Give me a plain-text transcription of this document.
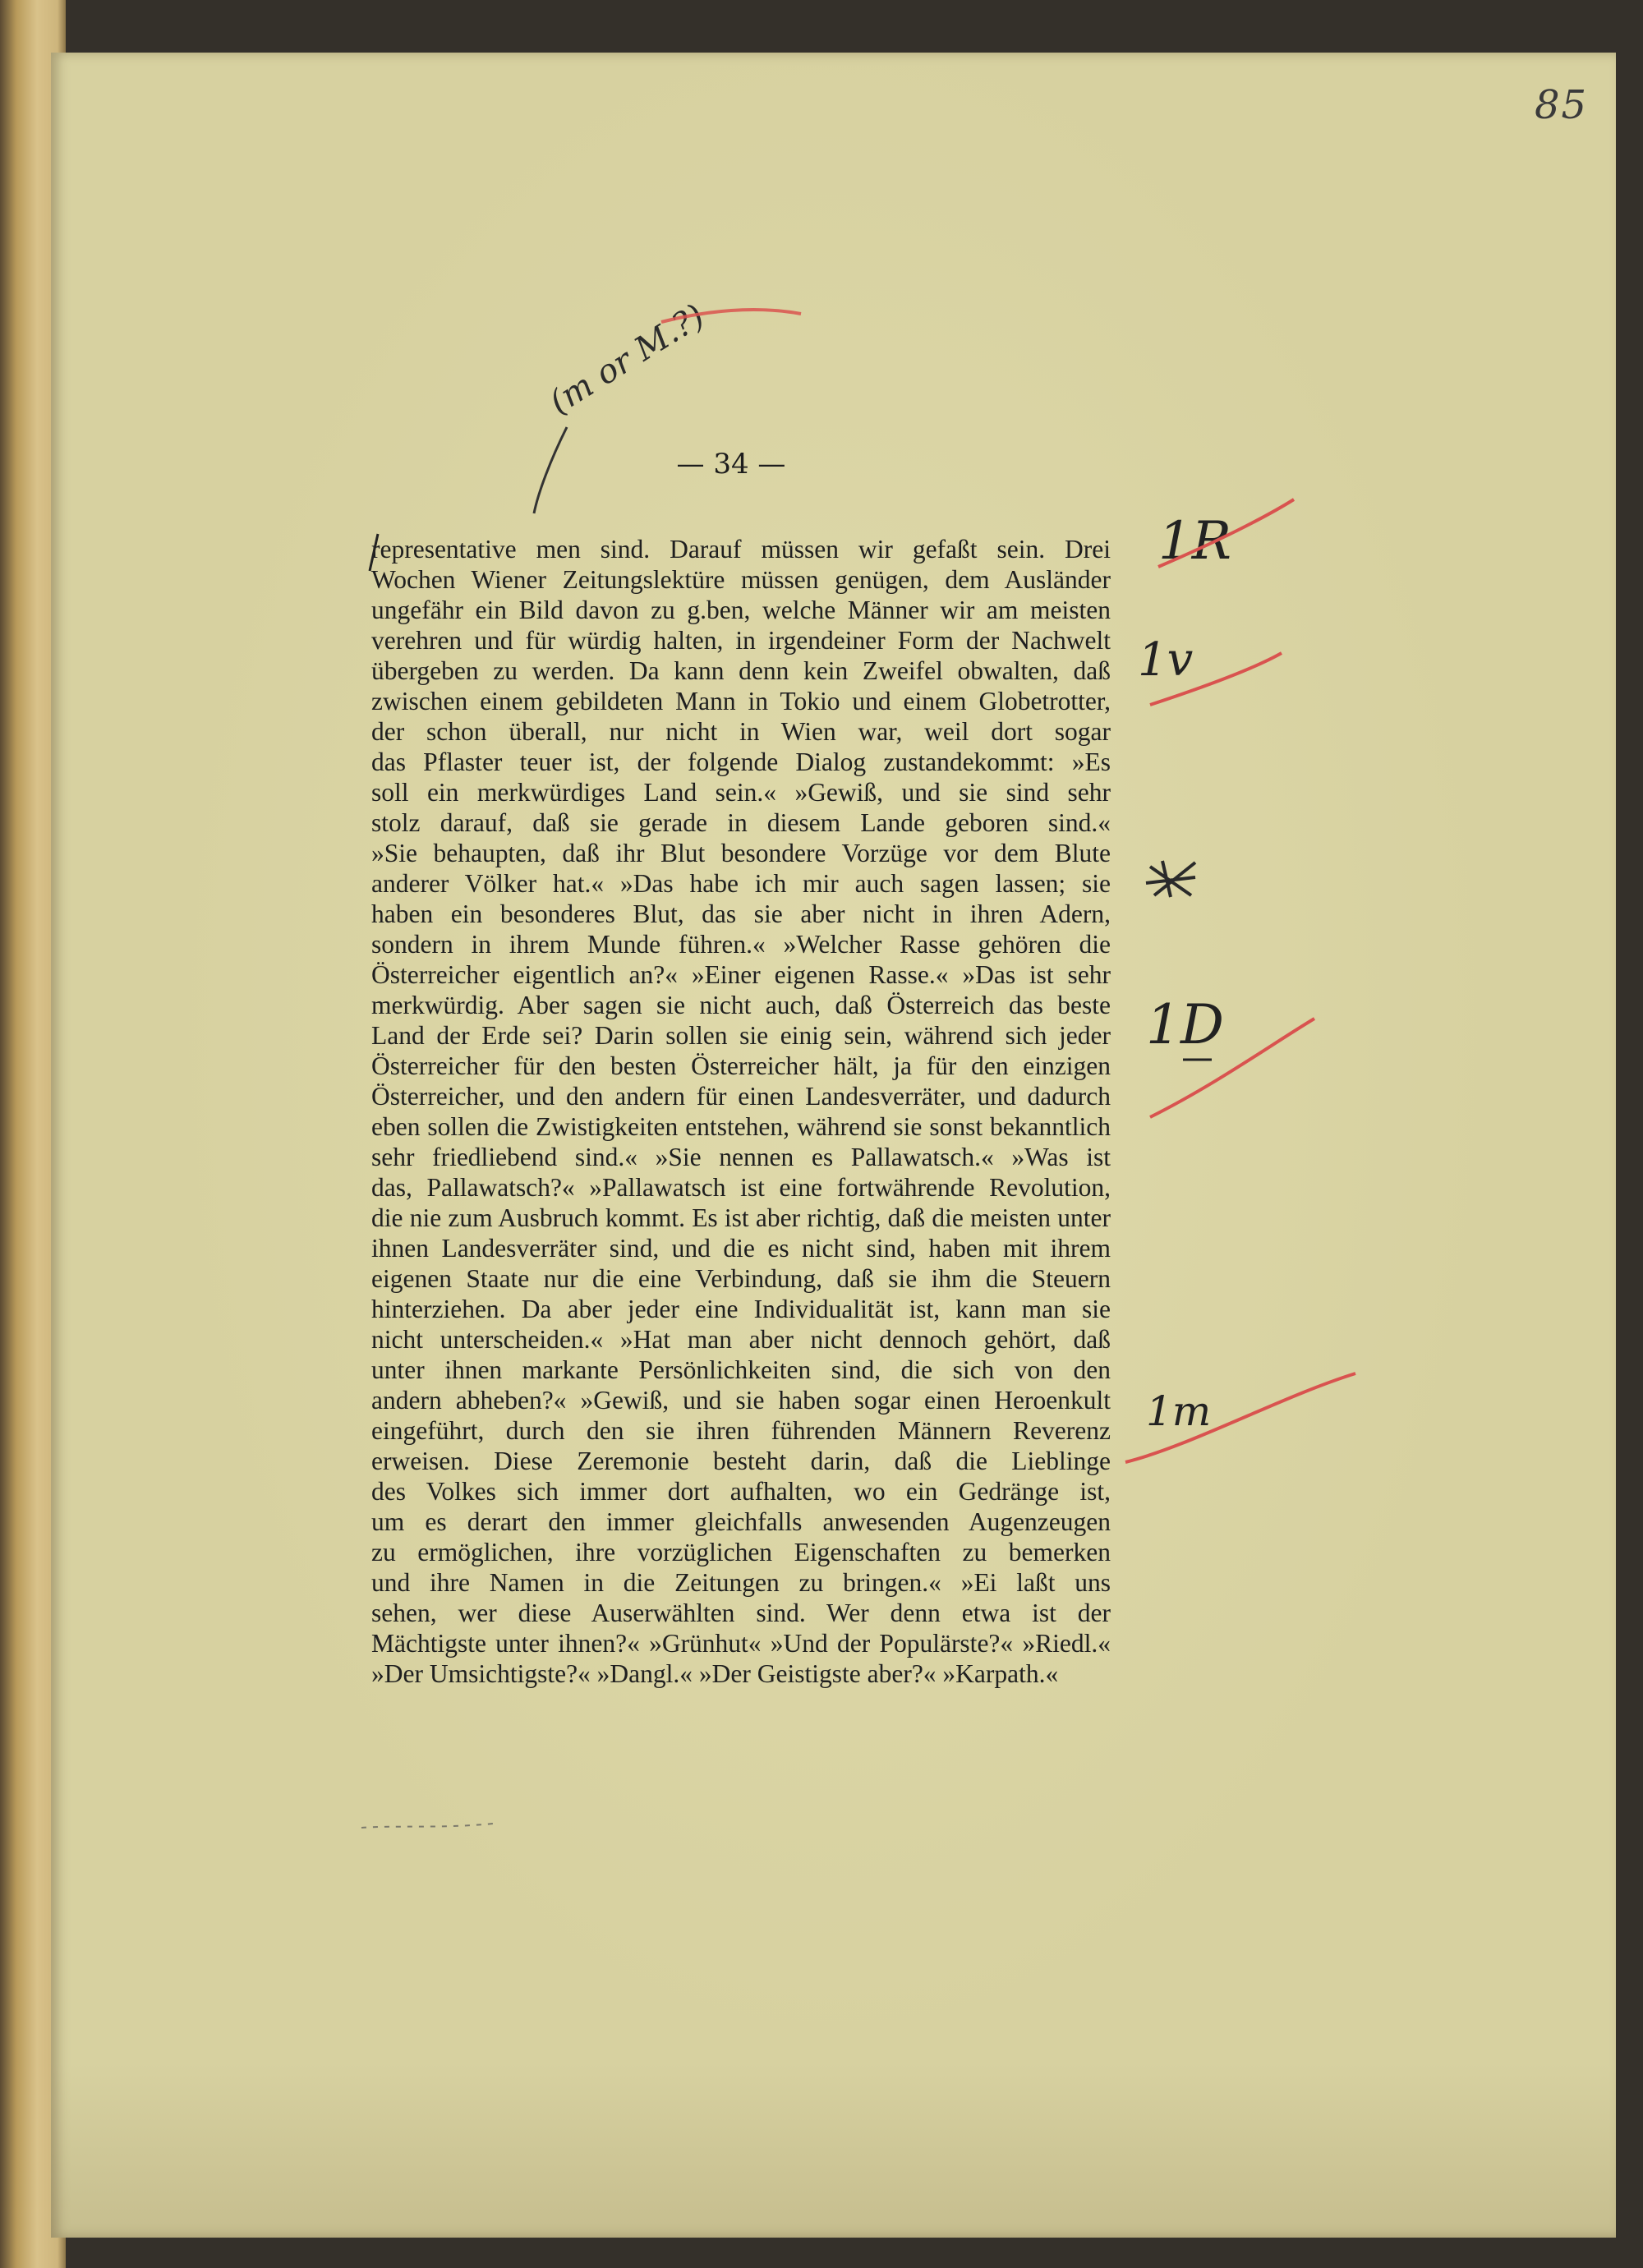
85
— 34 —
representative men sind. Darauf müssen wir gefaßt sein. Drei
Wochen Wiener Zeitungslektüre müssen genügen, dem Ausländer
ungefähr ein Bild davon zu g.ben, welche Männer wir am meisten
verehren und für würdig halten, in irgendeiner Form der Nachwelt
übergeben zu werden. Da kann denn kein Zweifel obwalten, daß
zwischen einem gebildeten Mann in Tokio und einem Globetrotter,
der schon überall, nur nicht in Wien war, weil dort sogar
das Pflaster teuer ist, der folgende Dialog zustandekommt: »Es
soll ein merkwürdiges Land sein.« »Gewiß, und sie sind sehr
stolz darauf, daß sie gerade in diesem Lande geboren sind.«
»Sie behaupten, daß ihr Blut besondere Vorzüge vor dem Blute
anderer Völker hat.« »Das habe ich mir auch sagen lassen; sie
haben ein besonderes Blut, das sie aber nicht in ihren Adern,
sondern in ihrem Munde führen.« »Welcher Rasse gehören die
Österreicher eigentlich an?« »Einer eigenen Rasse.« »Das ist sehr
merkwürdig. Aber sagen sie nicht auch, daß Österreich das beste
Land der Erde sei? Darin sollen sie einig sein, während sich jeder
Österreicher für den besten Österreicher hält, ja für den einzigen
Österreicher, und den andern für einen Landesverräter, und dadurch
eben sollen die Zwistigkeiten entstehen, während sie sonst bekanntlich
sehr friedliebend sind.« »Sie nennen es Pallawatsch.« »Was ist
das, Pallawatsch?« »Pallawatsch ist eine fortwährende Revolution,
die nie zum Ausbruch kommt. Es ist aber richtig, daß die meisten unter
ihnen Landesverräter sind, und die es nicht sind, haben mit ihrem
eigenen Staate nur die eine Verbindung, daß sie ihm die Steuern
hinterziehen. Da aber jeder eine Individualität ist, kann man sie
nicht unterscheiden.« »Hat man aber nicht dennoch gehört, daß
unter ihnen markante Persönlichkeiten sind, die sich von den
andern abheben?« »Gewiß, und sie haben sogar einen Heroenkult
eingeführt, durch den sie ihren führenden Männern Reverenz
erweisen. Diese Zeremonie besteht darin, daß die Lieblinge
des Volkes sich immer dort aufhalten, wo ein Gedränge ist,
um es derart den immer gleichfalls anwesenden Augenzeugen
zu ermöglichen, ihre vorzüglichen Eigenschaften zu bemerken
und ihre Namen in die Zeitungen zu bringen.« »Ei laßt uns
sehen, wer diese Auserwählten sind. Wer denn etwa ist der
Mächtigste unter ihnen?« »Grünhut« »Und der Populärste?« »Riedl.«
»Der Umsichtigste?« »Dangl.« »Der Geistigste aber?« »Karpath.«
(m or M.?)
1R
1v
1D
1m
